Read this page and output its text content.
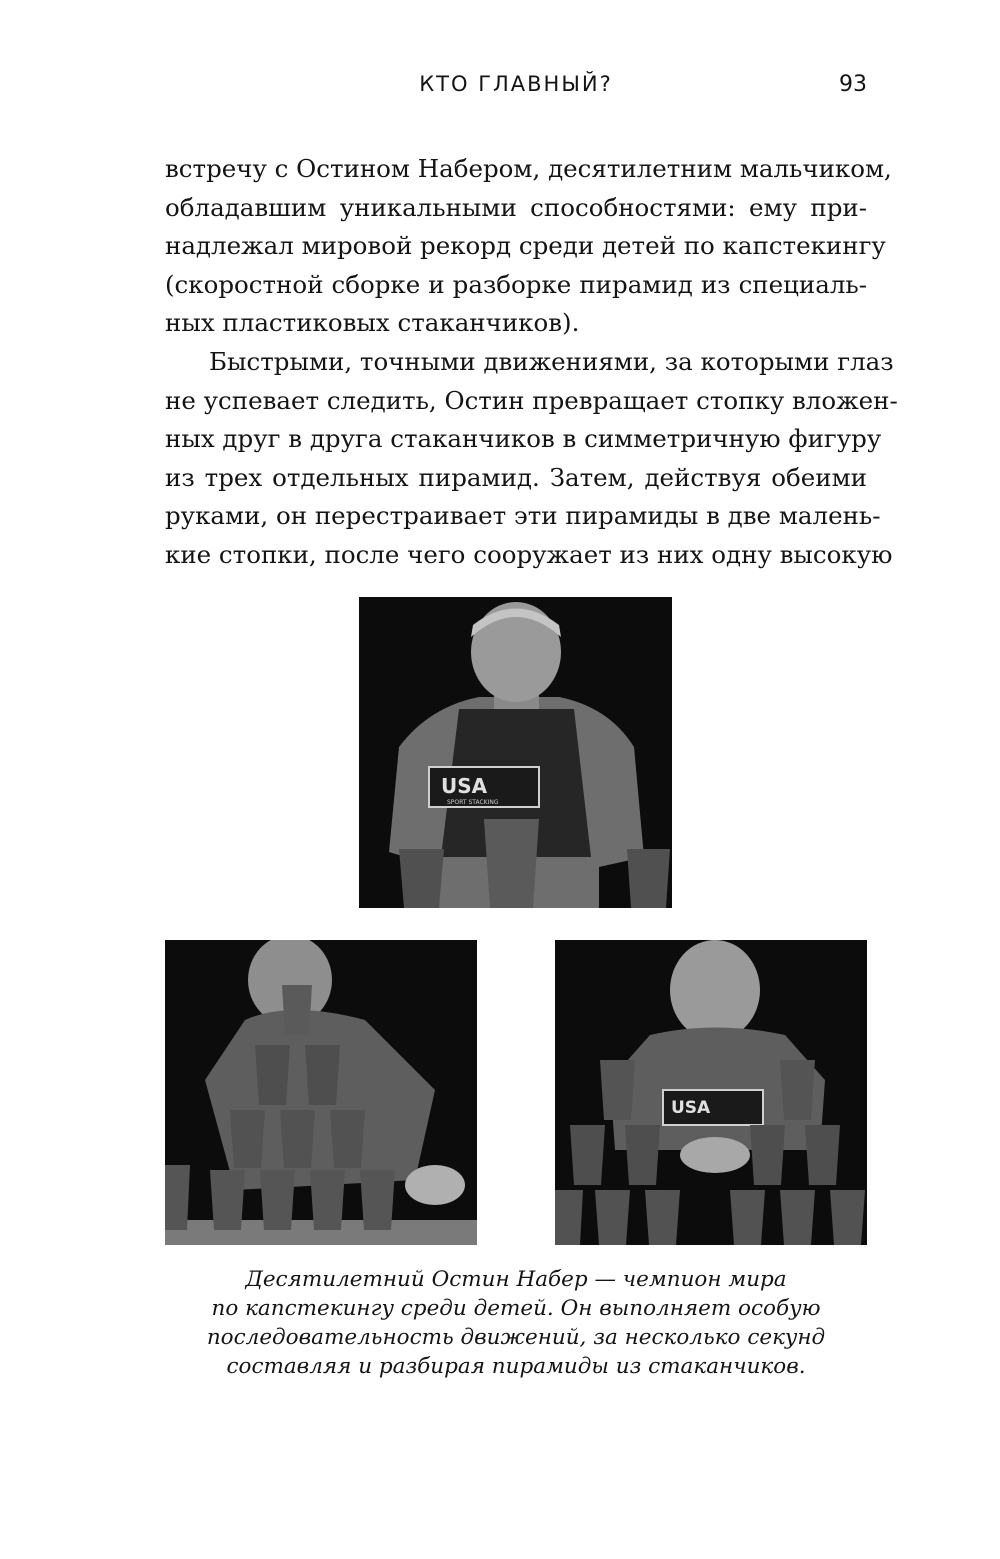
КТО ГЛАВНЫЙ?	93
встречу с Остином Набером, десятилетним мальчиком,
обладавшим уникальными способностями: ему при-
надлежал мировой рекорд среди детей по капстекингу
(скоростной сборке и разборке пирамид из специаль-
ных пластиковых стаканчиков).
Быстрыми, точными движениями, за которыми глаз
не успевает следить, Остин превращает стопку вложен-
ных друг в друга стаканчиков в симметричную фигуру
из трех отдельных пирамид. Затем, действуя обеими
руками, он перестраивает эти пирамиды в две малень-
кие стопки, после чего сооружает из них одну высокую
USA
SPORT STACKING
USA
Десятилетний Остин Набер — чемпион мира
по капстекингу среди детей. Он выполняет особую
последовательность движений, за несколько секунд
составляя и разбирая пирамиды из стаканчиков.
